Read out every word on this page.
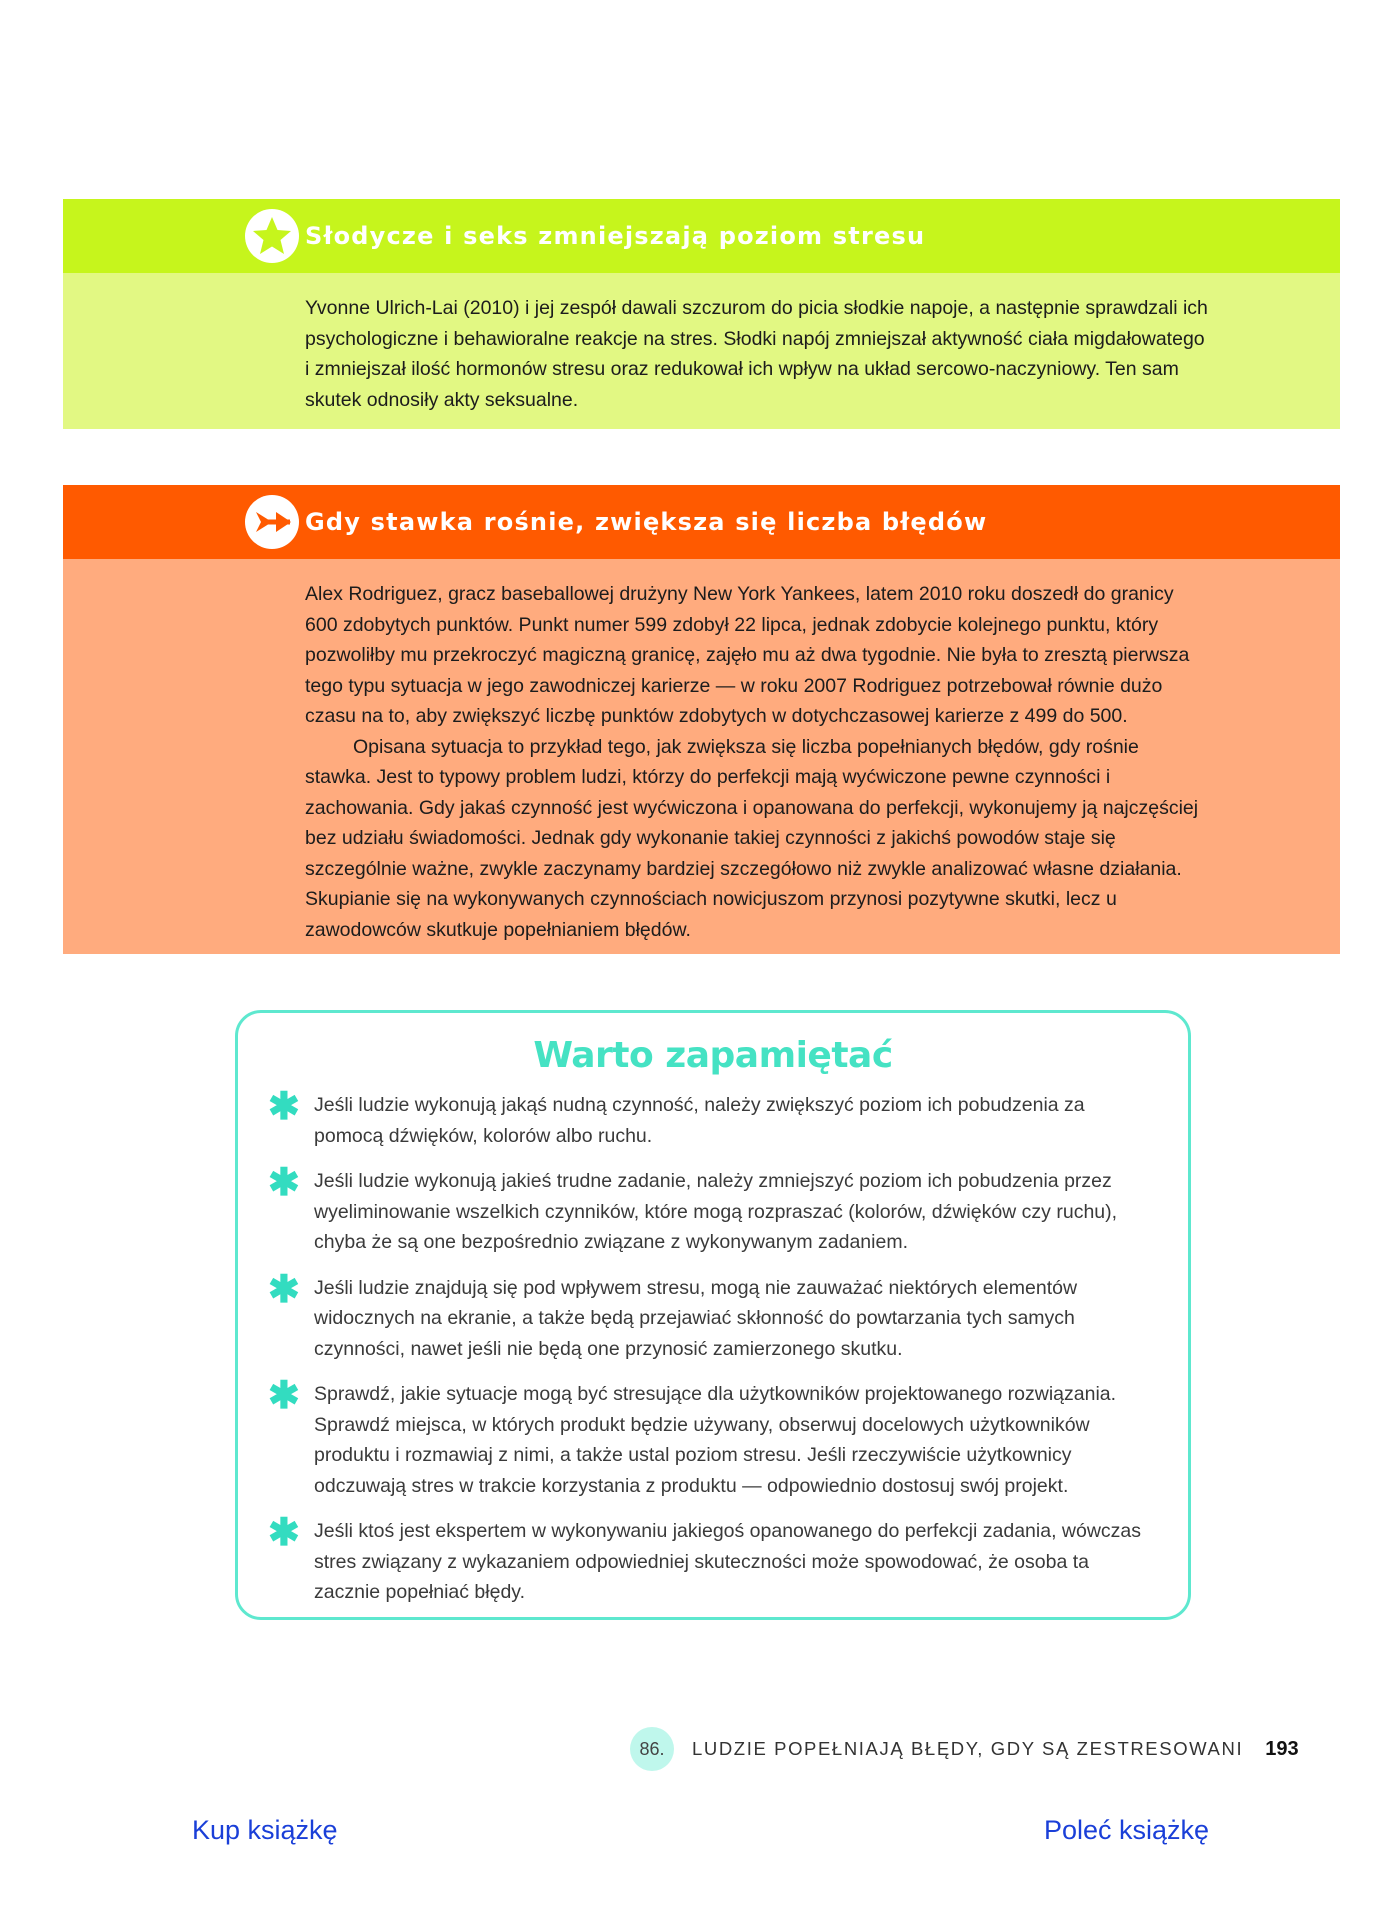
Słodycze i seks zmniejszają poziom stresu

Yvonne Ulrich-Lai (2010) i jej zespół dawali szczurom do picia słodkie napoje, a następnie sprawdzali ich psychologiczne i behawioralne reakcje na stres. Słodki napój zmniejszał aktywność ciała migdałowatego i zmniejszał ilość hormonów stresu oraz redukował ich wpływ na układ sercowo-naczyniowy. Ten sam skutek odnosiły akty seksualne.

Gdy stawka rośnie, zwiększa się liczba błędów

Alex Rodriguez, gracz baseballowej drużyny New York Yankees, latem 2010 roku doszedł do granicy 600 zdobytych punktów. Punkt numer 599 zdobył 22 lipca, jednak zdobycie kolejnego punktu, który pozwoliłby mu przekroczyć magiczną granicę, zajęło mu aż dwa tygodnie. Nie była to zresztą pierwsza tego typu sytuacja w jego zawodniczej karierze — w roku 2007 Rodriguez potrzebował równie dużo czasu na to, aby zwiększyć liczbę punktów zdobytych w dotychczasowej karierze z 499 do 500.

Opisana sytuacja to przykład tego, jak zwiększa się liczba popełnianych błędów, gdy rośnie stawka. Jest to typowy problem ludzi, którzy do perfekcji mają wyćwiczone pewne czynności i zachowania. Gdy jakaś czynność jest wyćwiczona i opanowana do perfekcji, wykonujemy ją najczęściej bez udziału świadomości. Jednak gdy wykonanie takiej czynności z jakichś powodów staje się szczególnie ważne, zwykle zaczynamy bardziej szczegółowo niż zwykle analizować własne działania. Skupianie się na wykonywanych czynnościach nowicjuszom przynosi pozytywne skutki, lecz u zawodowców skutkuje popełnianiem błędów.

Warto zapamiętać
✱ Jeśli ludzie wykonują jakąś nudną czynność, należy zwiększyć poziom ich pobudzenia za pomocą dźwięków, kolorów albo ruchu.
✱ Jeśli ludzie wykonują jakieś trudne zadanie, należy zmniejszyć poziom ich pobudzenia przez wyeliminowanie wszelkich czynników, które mogą rozpraszać (kolorów, dźwięków czy ruchu), chyba że są one bezpośrednio związane z wykonywanym zadaniem.
✱ Jeśli ludzie znajdują się pod wpływem stresu, mogą nie zauważać niektórych elementów widocznych na ekranie, a także będą przejawiać skłonność do powtarzania tych samych czynności, nawet jeśli nie będą one przynosić zamierzonego skutku.
✱ Sprawdź, jakie sytuacje mogą być stresujące dla użytkowników projektowanego rozwiązania. Sprawdź miejsca, w których produkt będzie używany, obserwuj docelowych użytkowników produktu i rozmawiaj z nimi, a także ustal poziom stresu. Jeśli rzeczywiście użytkownicy odczuwają stres w trakcie korzystania z produktu — odpowiednio dostosuj swój projekt.
✱ Jeśli ktoś jest ekspertem w wykonywaniu jakiegoś opanowanego do perfekcji zadania, wówczas stres związany z wykazaniem odpowiedniej skuteczności może spowodować, że osoba ta zacznie popełniać błędy.
86.	LUDZIE POPEŁNIAJĄ BŁĘDY, GDY SĄ ZESTRESOWANI 193
Kup książkę	Poleć książkę
